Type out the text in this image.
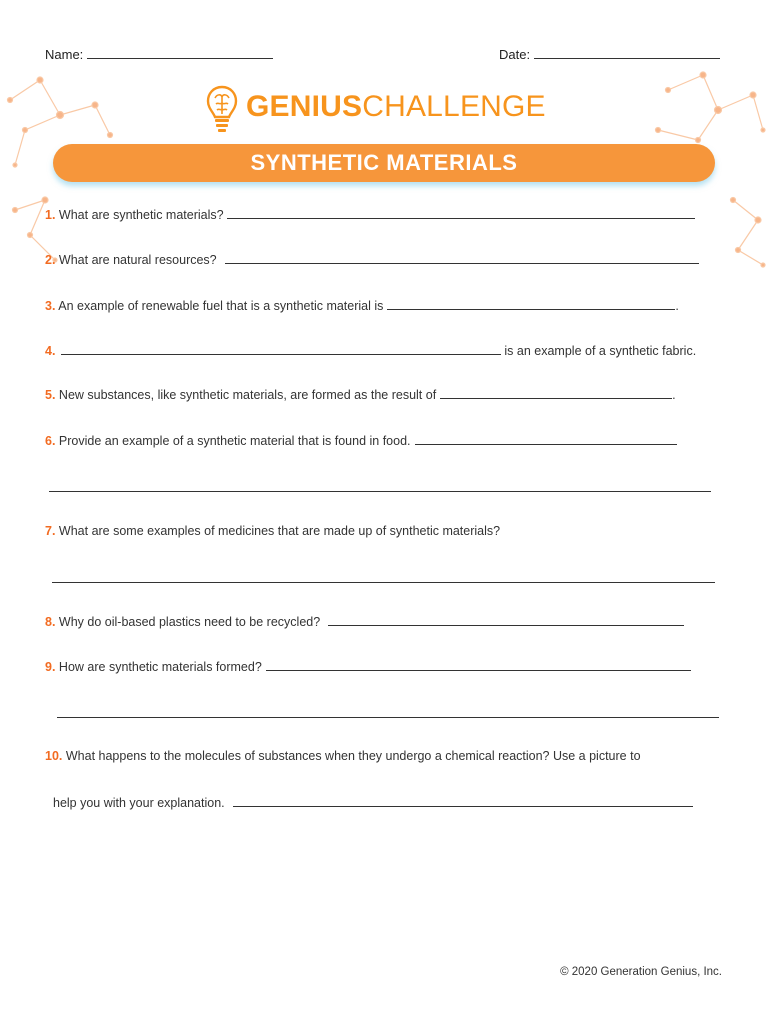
Name:	Date:
GENIUSCHALLENGE
SYNTHETIC MATERIALS
1. What are synthetic materials?
2. What are natural resources?
3. An example of renewable fuel that is a synthetic material is	.
4.	is an example of a synthetic fabric.
5. New substances, like synthetic materials, are formed as the result of	.
6. Provide an example of a synthetic material that is found in food.
7. What are some examples of medicines that are made up of synthetic materials?
8. Why do oil-based plastics need to be recycled?
9. How are synthetic materials formed?
10. What happens to the molecules of substances when they undergo a chemical reaction? Use a picture to
help you with your explanation.
© 2020 Generation Genius, Inc.
